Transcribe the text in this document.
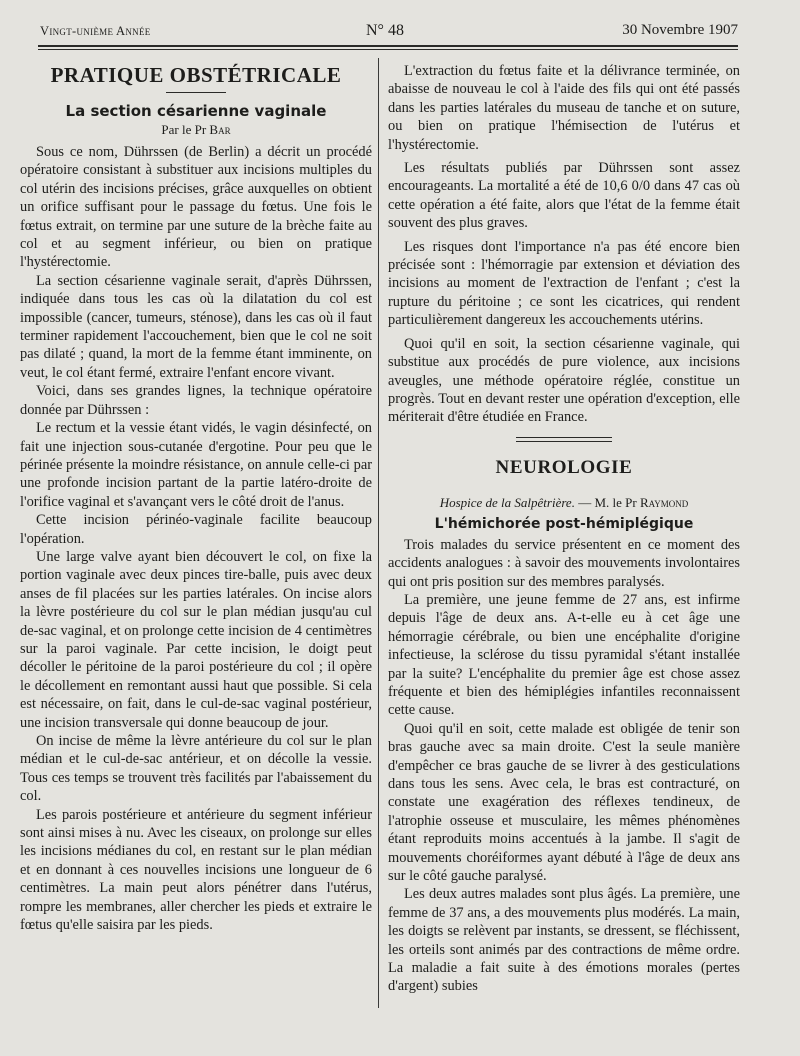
Vingt-unième Année	N° 48	30 Novembre 1907
PRATIQUE OBSTÉTRICALE
La section césarienne vaginale
Par le Pr Bar

Sous ce nom, Dührssen (de Berlin) a décrit un procédé opératoire consistant à substituer aux incisions multiples du col utérin des incisions précises, grâce auxquelles on obtient un orifice suffisant pour le passage du fœtus. Une fois le fœtus extrait, on termine par une suture de la brèche faite au col et au segment inférieur, ou bien on pratique l'hystérectomie.

La section césarienne vaginale serait, d'après Dührssen, indiquée dans tous les cas où la dilatation du col est impossible (cancer, tumeurs, sténose), dans les cas où il faut terminer rapidement l'accouchement, bien que le col ne soit pas dilaté ; quand, la mort de la femme étant imminente, on veut, le col étant fermé, extraire l'enfant encore vivant.

Voici, dans ses grandes lignes, la technique opératoire donnée par Dührssen :

Le rectum et la vessie étant vidés, le vagin désinfecté, on fait une injection sous-cutanée d'ergotine. Pour peu que le périnée présente la moindre résistance, on annule celle-ci par une profonde incision partant de la partie latéro-droite de l'orifice vaginal et s'avançant vers le côté droit de l'anus.

Cette incision périnéo-vaginale facilite beaucoup l'opération.

Une large valve ayant bien découvert le col, on fixe la portion vaginale avec deux pinces tire-balle, puis avec deux anses de fil placées sur les parties latérales. On incise alors la lèvre postérieure du col sur le plan médian jusqu'au cul de-sac vaginal, et on prolonge cette incision de 4 centimètres sur la paroi vaginale. Par cette incision, le doigt peut décoller le péritoine de la paroi postérieure du col ; il opère le décollement en remontant aussi haut que possible. Si cela est nécessaire, on fait, dans le cul-de-sac vaginal postérieur, une incision transversale qui donne beaucoup de jour.

On incise de même la lèvre antérieure du col sur le plan médian et le cul-de-sac antérieur, et on décolle la vessie. Tous ces temps se trouvent très facilités par l'abaissement du col.

Les parois postérieure et antérieure du segment inférieur sont ainsi mises à nu. Avec les ciseaux, on prolonge sur elles les incisions médianes du col, en restant sur le plan médian et en donnant à ces nouvelles incisions une longueur de 6 centimètres. La main peut alors pénétrer dans l'utérus, rompre les membranes, aller chercher les pieds et extraire le fœtus qu'elle saisira par les pieds.

L'extraction du fœtus faite et la délivrance terminée, on abaisse de nouveau le col à l'aide des fils qui ont été passés dans les parties latérales du museau de tanche et on suture, ou bien on pratique l'hémisection de l'utérus et l'hystérectomie.

Les résultats publiés par Dührssen sont assez encourageants. La mortalité a été de 10,6 0/0 dans 47 cas où cette opération a été faite, alors que l'état de la femme était souvent des plus graves.

Les risques dont l'importance n'a pas été encore bien précisée sont : l'hémorragie par extension et déviation des incisions au moment de l'extraction de l'enfant ; c'est la rupture du péritoine ; ce sont les cicatrices, qui rendent particulièrement dangereux les accouchements utérins.

Quoi qu'il en soit, la section césarienne vaginale, qui substitue aux procédés de pure violence, aux incisions aveugles, une méthode opératoire réglée, constitue un progrès. Tout en devant rester une opération d'exception, elle mériterait d'être étudiée en France.

NEUROLOGIE
Hospice de la Salpêtrière. — M. le Pr Raymond
L'hémichorée post-hémiplégique

Trois malades du service présentent en ce moment des accidents analogues : à savoir des mouvements involontaires qui ont pris position sur des membres paralysés.

La première, une jeune femme de 27 ans, est infirme depuis l'âge de deux ans. A-t-elle eu à cet âge une hémorragie cérébrale, ou bien une encéphalite d'origine infectieuse, la sclérose du tissu pyramidal s'étant installée par la suite? L'encéphalite du premier âge est chose assez fréquente et bien des hémiplégies infantiles reconnaissent cette cause.

Quoi qu'il en soit, cette malade est obligée de tenir son bras gauche avec sa main droite. C'est la seule manière d'empêcher ce bras gauche de se livrer à des gesticulations dans tous les sens. Avec cela, le bras est contracturé, on constate une exagération des réflexes tendineux, de l'atrophie osseuse et musculaire, les mêmes phénomènes étant reproduits moins accentués à la jambe. Il s'agit de mouvements choréiformes ayant débuté à l'âge de deux ans sur le côté gauche paralysé.

Les deux autres malades sont plus âgés. La première, une femme de 37 ans, a des mouvements plus modérés. La main, les doigts se relèvent par instants, se dressent, se fléchissent, les orteils sont animés par des contractions de même ordre. La maladie a fait suite à des émotions morales (pertes d'argent) subies
